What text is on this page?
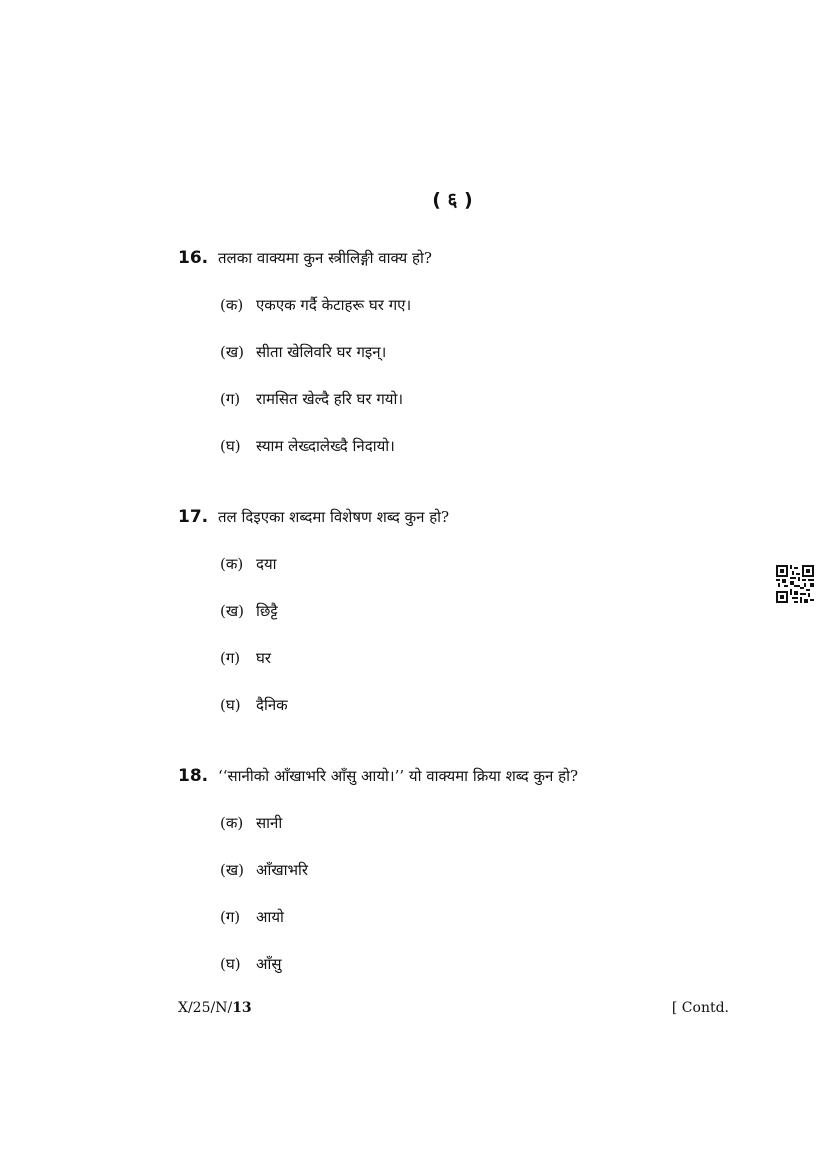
( ६ )
16. तलका वाक्यमा कुन स्त्रीलिङ्गी वाक्य हो?
(क) एकएक गर्दै केटाहरू घर गए।
(ख) सीता खेलिवरि घर गइन्।
(ग) रामसित खेल्दै हरि घर गयो।
(घ) स्याम लेख्दालेख्दै निदायो।
17. तल दिइएका शब्दमा विशेषण शब्द कुन हो?
(क) दया
(ख) छिट्टै
(ग) घर
(घ) दैनिक
18. ‘‘सानीको आँखाभरि आँसु आयो।’’ यो वाक्यमा क्रिया शब्द कुन हो?
(क) सानी
(ख) आँखाभरि
(ग) आयो
(घ) आँसु
X/25/N/13	[ Contd.
